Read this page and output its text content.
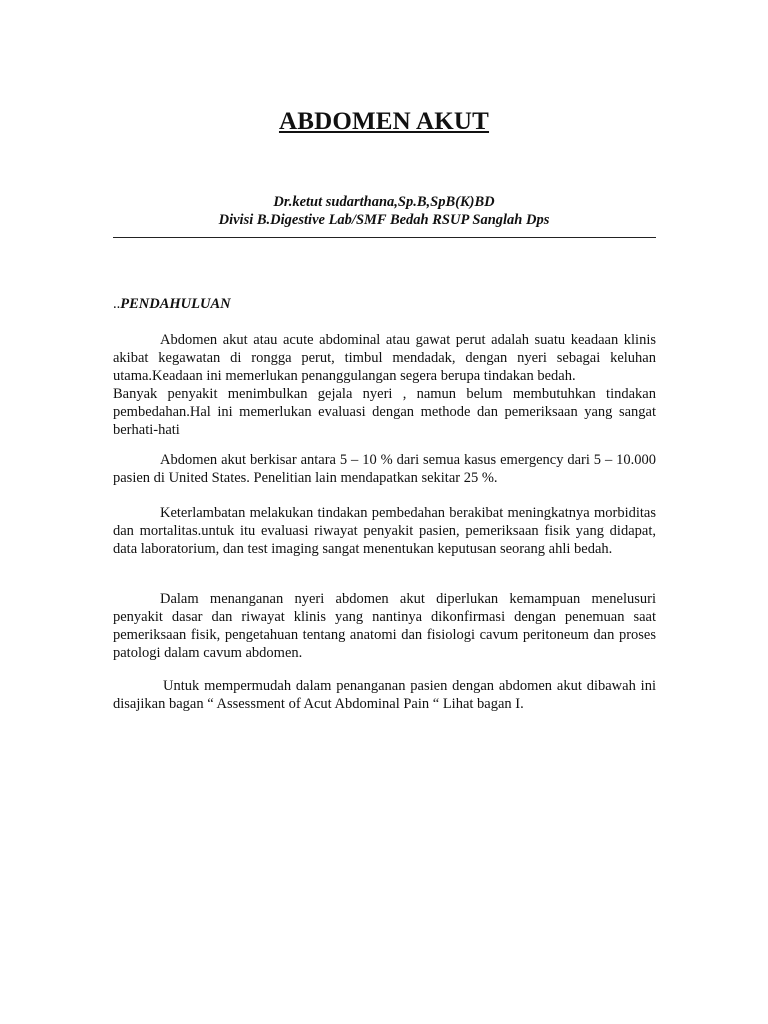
ABDOMEN AKUT
Dr.ketut sudarthana,Sp.B,SpB(K)BD
Divisi B.Digestive Lab/SMF Bedah RSUP Sanglah Dps
..PENDAHULUAN

Abdomen akut atau acute abdominal atau gawat perut adalah suatu keadaan klinis akibat kegawatan di rongga perut, timbul mendadak, dengan nyeri sebagai keluhan utama.Keadaan ini memerlukan penanggulangan segera berupa tindakan bedah.

Banyak penyakit menimbulkan gejala nyeri , namun belum membutuhkan tindakan pembedahan.Hal ini memerlukan evaluasi dengan methode dan pemeriksaan yang sangat berhati-hati

Abdomen akut berkisar antara 5 – 10 % dari semua kasus emergency dari 5 – 10.000 pasien di United States. Penelitian lain mendapatkan sekitar 25 %.

Keterlambatan melakukan tindakan pembedahan berakibat meningkatnya morbiditas dan mortalitas.untuk itu evaluasi riwayat penyakit pasien, pemeriksaan fisik yang didapat, data laboratorium, dan test imaging sangat menentukan keputusan seorang ahli bedah.

Dalam menanganan nyeri abdomen akut diperlukan kemampuan menelusuri penyakit dasar dan riwayat klinis yang nantinya dikonfirmasi dengan penemuan saat pemeriksaan fisik, pengetahuan tentang anatomi dan fisiologi cavum peritoneum dan proses patologi dalam cavum abdomen.

Untuk mempermudah dalam penanganan pasien dengan abdomen akut dibawah ini disajikan bagan “ Assessment of Acut Abdominal Pain “ Lihat bagan I.
